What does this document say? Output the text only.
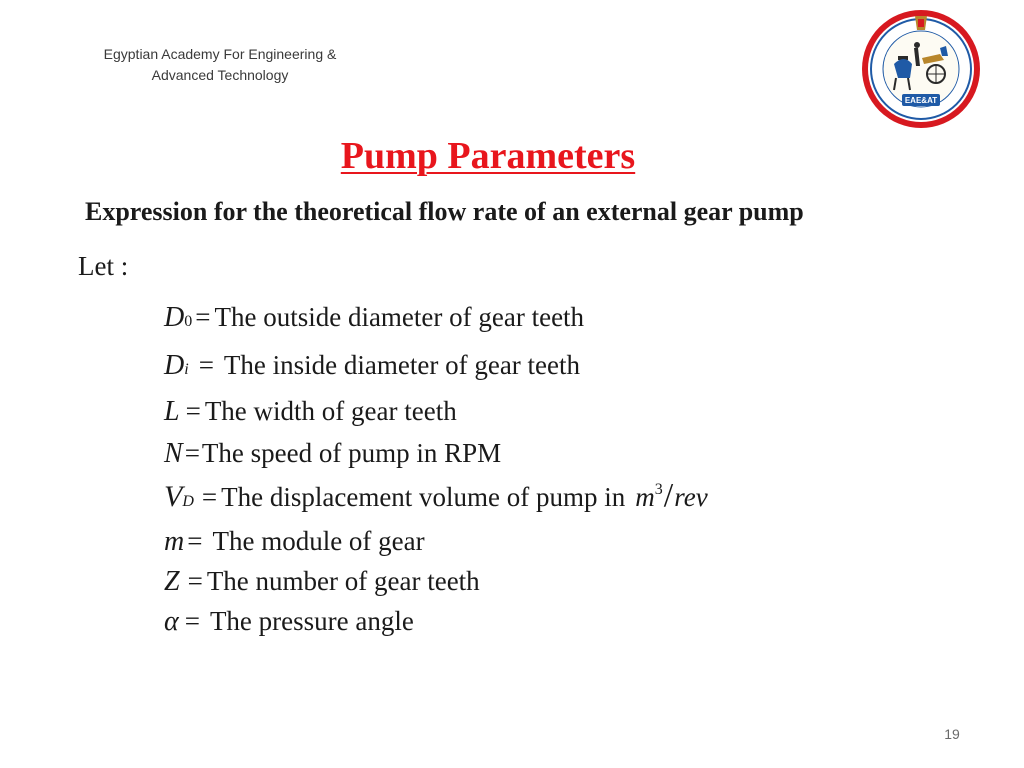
Egyptian Academy For Engineering &
Advanced Technology
EAE&AT
Pump Parameters
Expression for the theoretical flow rate of an external gear pump
Let :
D 0 = The outside diameter of gear teeth
D i = The inside diameter of gear teeth
L = The width of gear teeth
N = The speed of pump in RPM
V D = The displacement volume of pump in $m^3$/rev
m = The module of gear
Z = The number of gear teeth
α = The pressure angle
19
